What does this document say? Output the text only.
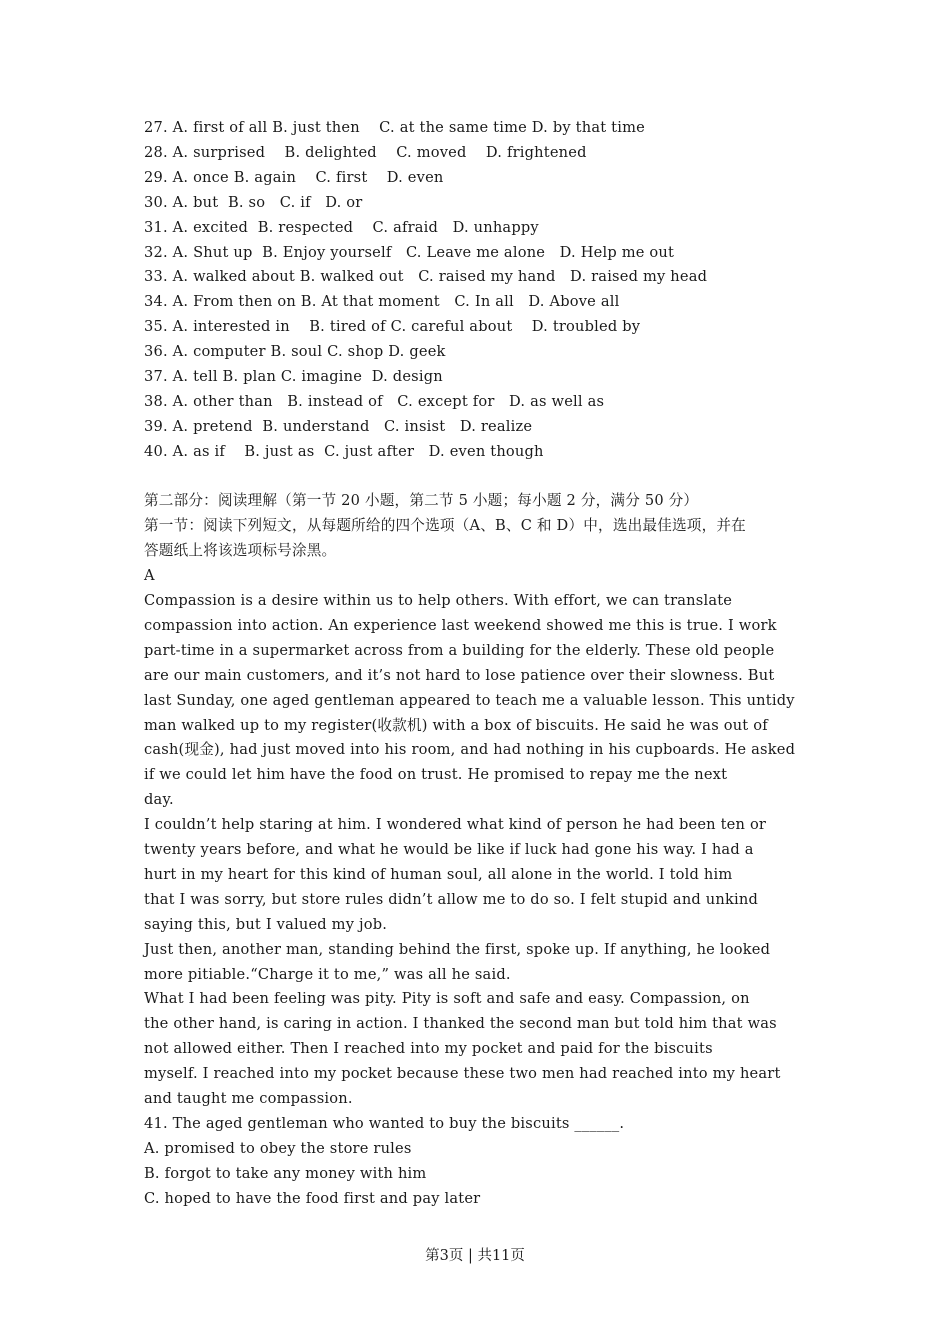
27. A. first of all B. just then    C. at the same time D. by that time
28. A. surprised    B. delighted    C. moved    D. frightened
29. A. once B. again    C. first    D. even
30. A. but  B. so   C. if   D. or
31. A. excited  B. respected    C. afraid   D. unhappy
32. A. Shut up  B. Enjoy yourself   C. Leave me alone   D. Help me out
33. A. walked about B. walked out   C. raised my hand   D. raised my head
34. A. From then on B. At that moment   C. In all   D. Above all
35. A. interested in    B. tired of C. careful about    D. troubled by
36. A. computer B. soul C. shop D. geek
37. A. tell B. plan C. imagine  D. design
38. A. other than   B. instead of   C. except for   D. as well as
39. A. pretend  B. understand   C. insist   D. realize
40. A. as if    B. just as  C. just after   D. even though
第二部分：阅读理解（第一节 20 小题，第二节 5 小题；每小题 2 分，满分 50 分）
第一节：阅读下列短文，从每题所给的四个选项（A、B、C 和 D）中，选出最佳选项，并在
答题纸上将该选项标号涂黑。
A
Compassion is a desire within us to help others. With effort, we can translate
compassion into action. An experience last weekend showed me this is true. I work
part-time in a supermarket across from a building for the elderly. These old people
are our main customers, and it’s not hard to lose patience over their slowness. But
last Sunday, one aged gentleman appeared to teach me a valuable lesson. This untidy
man walked up to my register(收款机) with a box of biscuits. He said he was out of
cash(现金), had just moved into his room, and had nothing in his cupboards. He asked
if we could let him have the food on trust. He promised to repay me the next
day.
I couldn’t help staring at him. I wondered what kind of person he had been ten or
twenty years before, and what he would be like if luck had gone his way. I had a
hurt in my heart for this kind of human soul, all alone in the world. I told him
that I was sorry, but store rules didn’t allow me to do so. I felt stupid and unkind
saying this, but I valued my job.
Just then, another man, standing behind the first, spoke up. If anything, he looked
more pitiable.“Charge it to me,” was all he said.
What I had been feeling was pity. Pity is soft and safe and easy. Compassion, on
the other hand, is caring in action. I thanked the second man but told him that was
not allowed either. Then I reached into my pocket and paid for the biscuits
myself. I reached into my pocket because these two men had reached into my heart
and taught me compassion.
41. The aged gentleman who wanted to buy the biscuits ______.
A. promised to obey the store rules
B. forgot to take any money with him
C. hoped to have the food first and pay later
第3页 | 共11页
